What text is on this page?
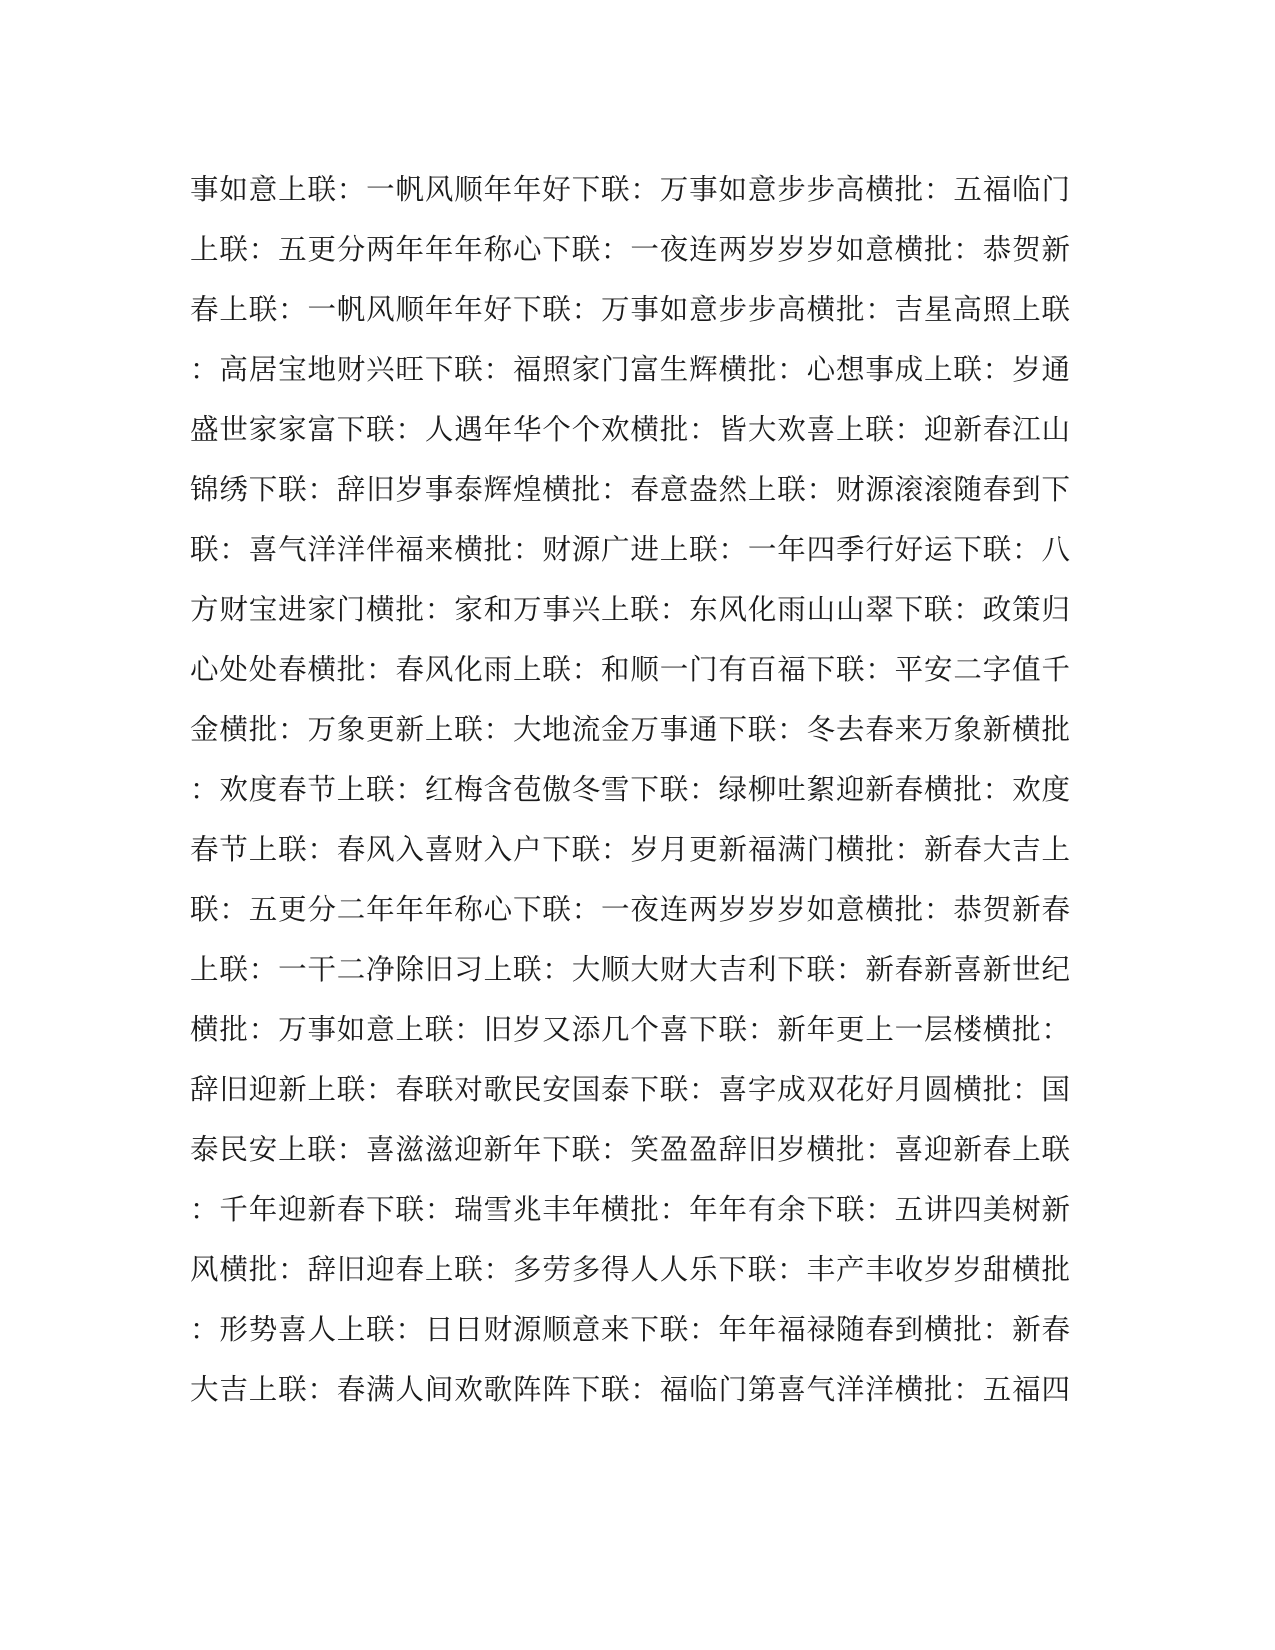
事如意上联：一帆风顺年年好下联：万事如意步步高横批：五福临门
上联：五更分两年年年称心下联：一夜连两岁岁岁如意横批：恭贺新
春上联：一帆风顺年年好下联：万事如意步步高横批：吉星高照上联
：高居宝地财兴旺下联：福照家门富生辉横批：心想事成上联：岁通
盛世家家富下联：人遇年华个个欢横批：皆大欢喜上联：迎新春江山
锦绣下联：辞旧岁事泰辉煌横批：春意盎然上联：财源滚滚随春到下
联：喜气洋洋伴福来横批：财源广进上联：一年四季行好运下联：八
方财宝进家门横批：家和万事兴上联：东风化雨山山翠下联：政策归
心处处春横批：春风化雨上联：和顺一门有百福下联：平安二字值千
金横批：万象更新上联：大地流金万事通下联：冬去春来万象新横批
：欢度春节上联：红梅含苞傲冬雪下联：绿柳吐絮迎新春横批：欢度
春节上联：春风入喜财入户下联：岁月更新福满门横批：新春大吉上
联：五更分二年年年称心下联：一夜连两岁岁岁如意横批：恭贺新春
上联：一干二净除旧习上联：大顺大财大吉利下联：新春新喜新世纪
横批：万事如意上联：旧岁又添几个喜下联：新年更上一层楼横批：
辞旧迎新上联：春联对歌民安国泰下联：喜字成双花好月圆横批：国
泰民安上联：喜滋滋迎新年下联：笑盈盈辞旧岁横批：喜迎新春上联
：千年迎新春下联：瑞雪兆丰年横批：年年有余下联：五讲四美树新
风横批：辞旧迎春上联：多劳多得人人乐下联：丰产丰收岁岁甜横批
：形势喜人上联：日日财源顺意来下联：年年福禄随春到横批：新春
大吉上联：春满人间欢歌阵阵下联：福临门第喜气洋洋横批：五福四
